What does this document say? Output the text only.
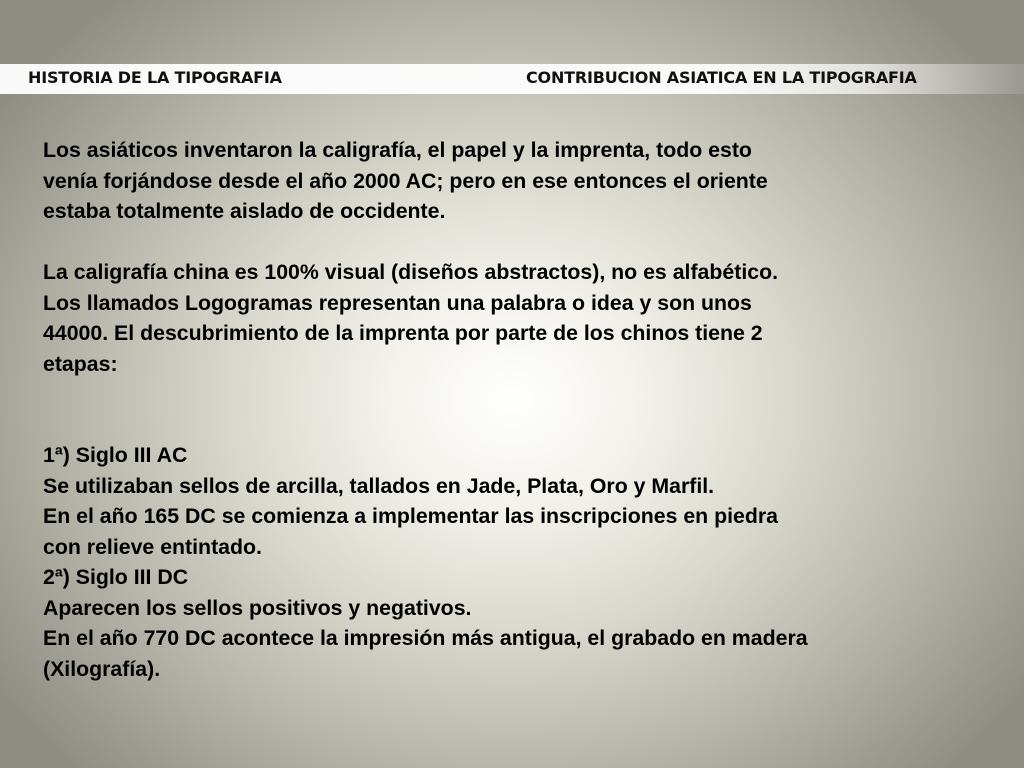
HISTORIA DE LA TIPOGRAFIA	CONTRIBUCION ASIATICA EN LA TIPOGRAFIA

Los asiáticos inventaron la caligrafía, el papel y la imprenta, todo esto
venía forjándose desde el año 2000 AC; pero en ese entonces el oriente
estaba totalmente aislado de occidente.

La caligrafía china es 100% visual (diseños abstractos), no es alfabético.
Los llamados Logogramas representan una palabra o idea y son unos
44000. El descubrimiento de la imprenta por parte de los chinos tiene 2
etapas:

1ª) Siglo III AC

Se utilizaban sellos de arcilla, tallados en Jade, Plata, Oro y Marfil.

En el año 165 DC se comienza a implementar las inscripciones en piedra
con relieve entintado.

2ª) Siglo III DC

Aparecen los sellos positivos y negativos.

En el año 770 DC acontece la impresión más antigua, el grabado en madera
(Xilografía).
